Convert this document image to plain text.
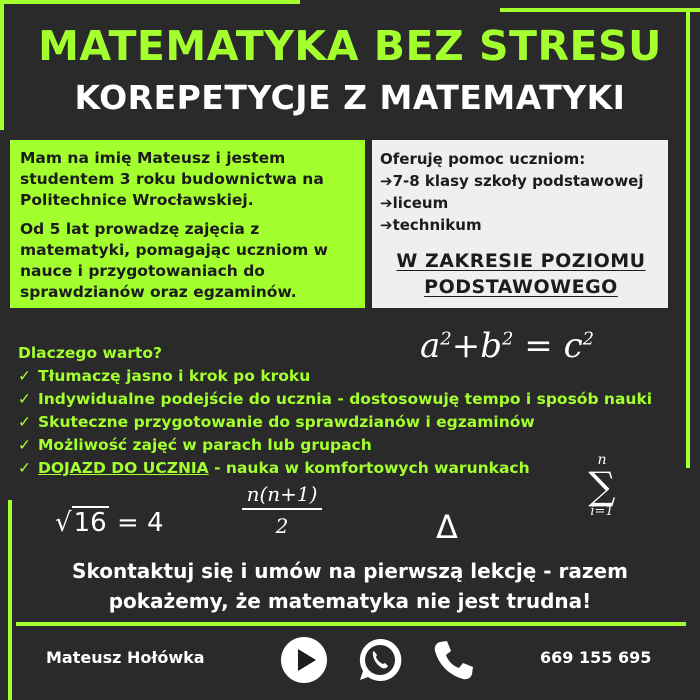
MATEMATYKA BEZ STRESU
KOREPETYCJE Z MATEMATYKI

Mam na imię Mateusz i jestem studentem 3 roku budownictwa na Politechnice Wrocławskiej.

Od 5 lat prowadzę zajęcia z matematyki, pomagając uczniom w nauce i przygotowaniach do sprawdzianów oraz egzaminów.

Oferuję pomoc uczniom:
➔7-8 klasy szkoły podstawowej
➔liceum
➔technikum
W ZAKRESIE POZIOMU
PODSTAWOWEGO
$a^2+b^2 = c^2$
Dlaczego warto?
✓ Tłumaczę jasno i krok po kroku
✓ Indywidualne podejście do ucznia - dostosowuję tempo i sposób nauki
✓ Skuteczne przygotowanie do sprawdzianów i egzaminów
✓ Możliwość zajęć w parach lub grupach
✓ DOJAZD DO UCZNIA - nauka w komfortowych warunkach	n
∑
i=1
$\frac{n(n+1)}{2}$
√16 = 4	Δ
Skontaktuj się i umów na pierwszą lekcję - razem
pokażemy, że matematyka nie jest trudna!
Mateusz Hołówka	669 155 695
